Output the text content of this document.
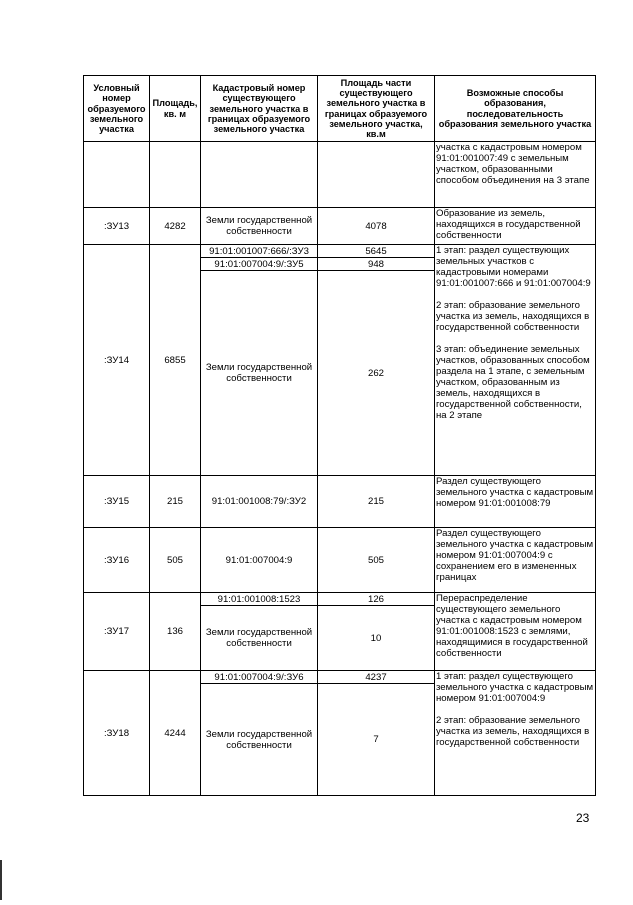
Условный номер образуемого земельного участка	Площадь, кв. м	Кадастровый номер существующего земельного участка в границах образуемого земельного участка	Площадь части существующего земельного участка в границах образуемого земельного участка, кв.м	Возможные способы образования, последовательность образования земельного участка
				участка с кадастровым номером 91:01:001007:49 с земельным участком, образованными способом объединения на 3 этапе
:ЗУ13	4282	Земли государственной собственности	4078	Образование из земель, находящихся в государственной собственности
:ЗУ14	6855	91:01:001007:666/:ЗУ3	5645	1 этап: раздел существующих земельных участков с кадастровыми номерами 91:01:001007:666 и 91:01:007004:9

2 этап: образование земельного участка из земель, находящихся в государственной собственности

3 этап: объединение земельных участков, образованных способом раздела на 1 этапе, с земельным участком, образованным из земель, находящихся в государственной собственности, на 2 этапе
		91:01:007004:9/:ЗУ5	948	
		Земли государственной собственности	262	
:ЗУ15	215	91:01:001008:79/:ЗУ2	215	Раздел существующего земельного участка с кадастровым номером 91:01:001008:79
:ЗУ16	505	91:01:007004:9	505	Раздел существующего земельного участка с кадастровым номером 91:01:007004:9 с сохранением его в измененных границах
:ЗУ17	136	91:01:001008:1523	126	Перераспределение существующего земельного участка с кадастровым номером 91:01:001008:1523 с землями, находящимися в государственной собственности
		Земли государственной собственности	10	
:ЗУ18	4244	91:01:007004:9/:ЗУ6	4237	1 этап: раздел существующего земельного участка с кадастровым номером 91:01:007004:9

2 этап: образование земельного участка из земель, находящихся в государственной собственности
		Земли государственной собственности	7	
23
